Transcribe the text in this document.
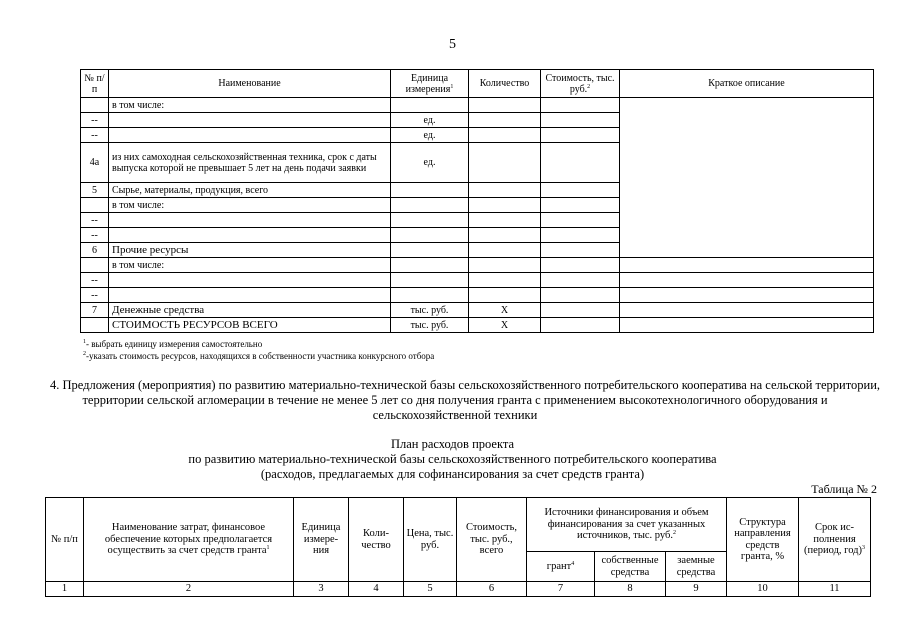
5
№ п/п	Наименование	Единица измерения$^1$	Количество	Стоимость, тыс. руб.$^2$	Краткое описание
	в том числе:				
--		ед.			
--		ед.			
4а	из них самоходная сельскохозяйственная техника, срок с даты выпуска которой не превышает 5 лет на день подачи заявки	ед.			
5	Сырье, материалы, продукция, всего				
	в том числе:				
--					
--					
6	Прочие ресурсы				
	в том числе:				
--					
--					
7	Денежные средства	тыс. руб.	Х		
	СТОИМОСТЬ РЕСУРСОВ ВСЕГО	тыс. руб.	Х		
$^1$- выбрать единицу измерения самостоятельно
$^2$-указать стоимость ресурсов, находящихся в собственности участника конкурсного отбора
4. Предложения (мероприятия) по развитию материально-технической базы сельскохозяйственного потребительского кооператива на сельской территории, территории сельской агломерации в течение не менее 5 лет со дня получения гранта с применением высокотехнологичного оборудования и сельскохозяйственной техники
План расходов проекта
по развитию материально-технической базы сельскохозяйственного потребительского кооператива
(расходов, предлагаемых для софинансирования за счет средств гранта)
Таблица № 2
№ п/п	Наименование затрат, финансовое обеспечение которых предполагается осуществить за счет средств гранта$^1$	Единица измере-ния	Коли-чество	Цена, тыс. руб.	Стоимость, тыс. руб., всего	Источники финансирования и объем финансирования за счет указанных источников, тыс. руб.$^2$			Структура направления средств гранта, %	Срок ис-полнения (период, год)$^3$
						грант$^4$	собственные средства	заемные средства		
1	2	3	4	5	6	7	8	9	10	11
